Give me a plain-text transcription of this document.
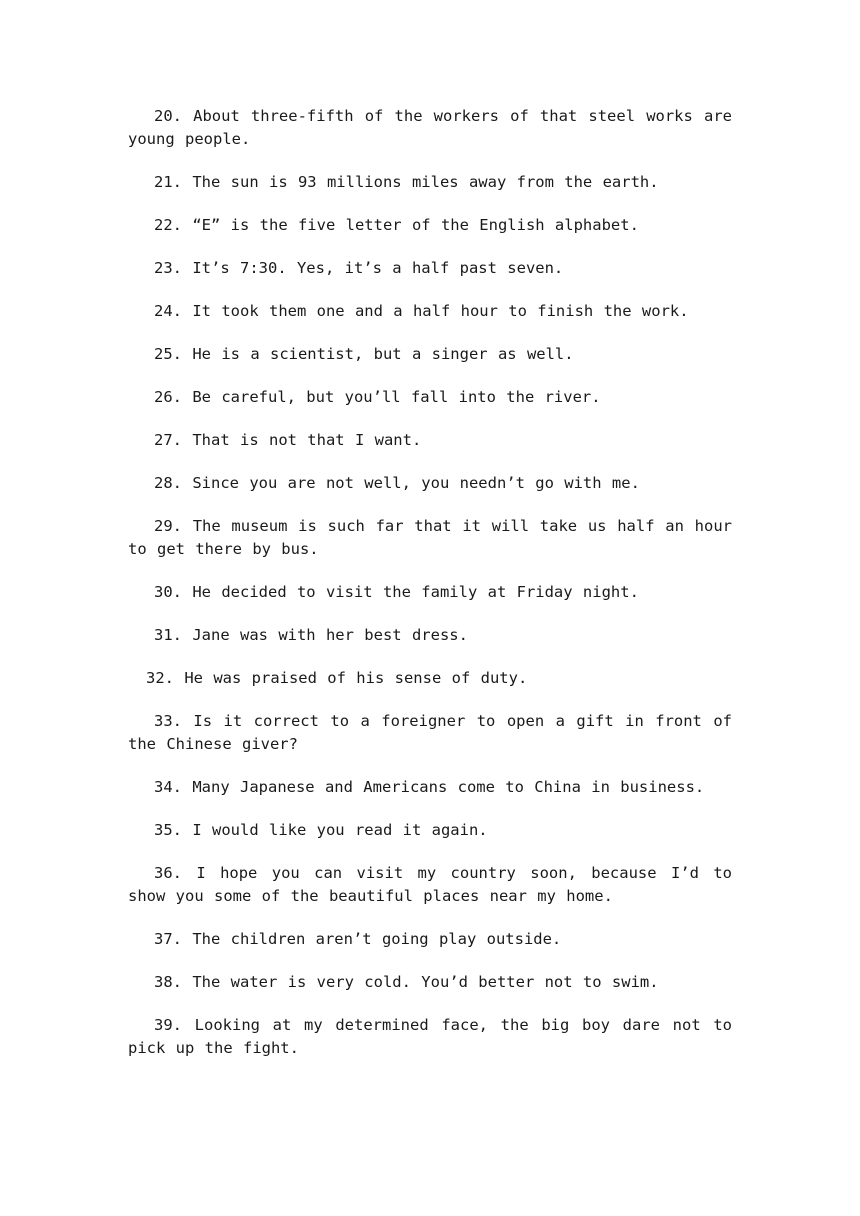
20. About three-fifth of the workers of that steel works are young people.

21. The sun is 93 millions miles away from the earth.

22. “E” is the five letter of the English alphabet.

23. It’s 7:30. Yes, it’s a half past seven.

24. It took them one and a half hour to finish the work.

25. He is a scientist, but a singer as well.

26. Be careful, but you’ll fall into the river.

27. That is not that I want.

28. Since you are not well, you needn’t go with me.

29. The museum is such far that it will take us half an hour to get there by bus.

30. He decided to visit the family at Friday night.

31. Jane was with her best dress.

32. He was praised of his sense of duty.

33. Is it correct to a foreigner to open a gift in front of the Chinese giver?

34. Many Japanese and Americans come to China in business.

35. I would like you read it again.

36. I hope you can visit my country soon, because I’d to show you some of the beautiful places near my home.

37. The children aren’t going play outside.

38. The water is very cold. You’d better not to swim.

39. Looking at my determined face, the big boy dare not to pick up the fight.
